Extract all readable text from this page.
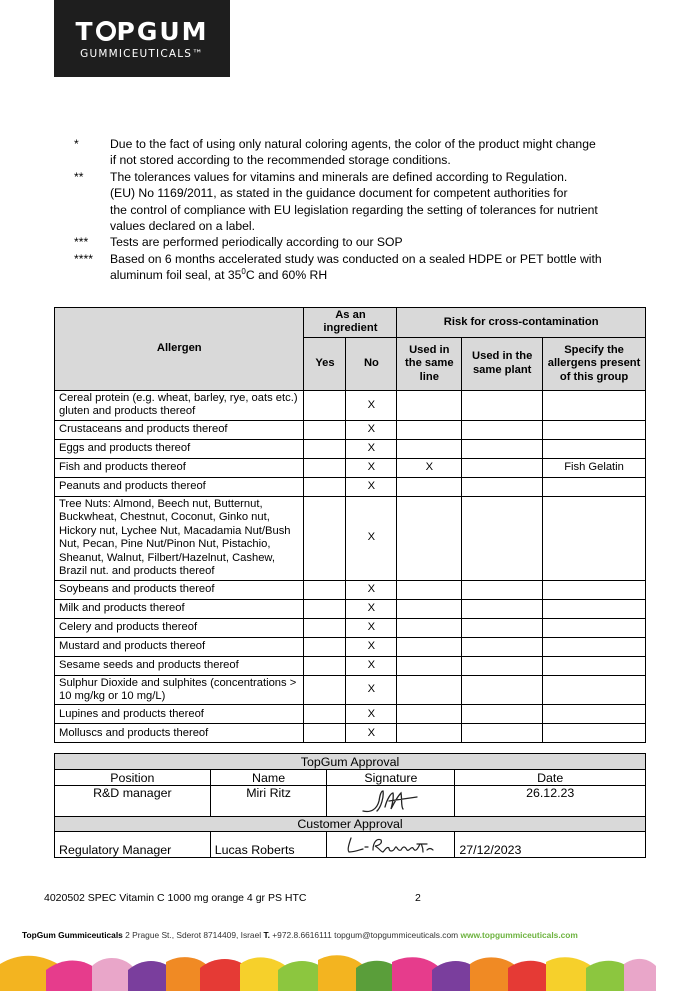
T PGUM
GUMMICEUTICALS™
*	Due to the fact of using only natural coloring agents, the color of the product might change
if not stored according to the recommended storage conditions.
**	The tolerances values for vitamins and minerals are defined according to Regulation.
(EU) No 1169/2011, as stated in the guidance document for competent authorities for
the control of compliance with EU legislation regarding the setting of tolerances for nutrient
values declared on a label.
***	Tests are performed periodically according to our SOP
****	Based on 6 months accelerated study was conducted on a sealed HDPE or PET bottle with
aluminum foil seal, at $35^0C$ and 60% RH
Allergen	As an ingredient		Risk for cross-contamination		
	Yes	No	Used in the same line	Used in the same plant	Specify the allergens present of this group
Cereal protein (e.g. wheat, barley, rye, oats etc.) gluten and products thereof		X			
Crustaceans and products thereof		X			
Eggs and products thereof		X			
Fish and products thereof		X	X		Fish Gelatin
Peanuts and products thereof		X			
Tree Nuts: Almond, Beech nut, Butternut, Buckwheat, Chestnut, Coconut, Ginko nut, Hickory nut, Lychee Nut, Macadamia Nut/Bush Nut, Pecan, Pine Nut/Pinon Nut, Pistachio, Sheanut, Walnut, Filbert/Hazelnut, Cashew, Brazil nut. and products thereof		X			
Soybeans and products thereof		X			
Milk and products thereof		X			
Celery and products thereof		X			
Mustard and products thereof		X			
Sesame seeds and products thereof		X			
Sulphur Dioxide and sulphites (concentrations > 10 mg/kg or 10 mg/L)		X			
Lupines and products thereof		X			
Molluscs and products thereof		X			
TopGum Approval			
Position	Name	Signature	Date
R&D manager	Miri Ritz		26.12.23
Customer Approval			
Regulatory Manager	Lucas Roberts		27/12/2023
4020502 SPEC Vitamin C 1000 mg orange 4 gr PS HTC	2
TopGum Gummiceuticals 2 Prague St., Sderot 8714409, Israel T. +972.8.6616111 topgum@topgummiceuticals.com www.topgummiceuticals.com
